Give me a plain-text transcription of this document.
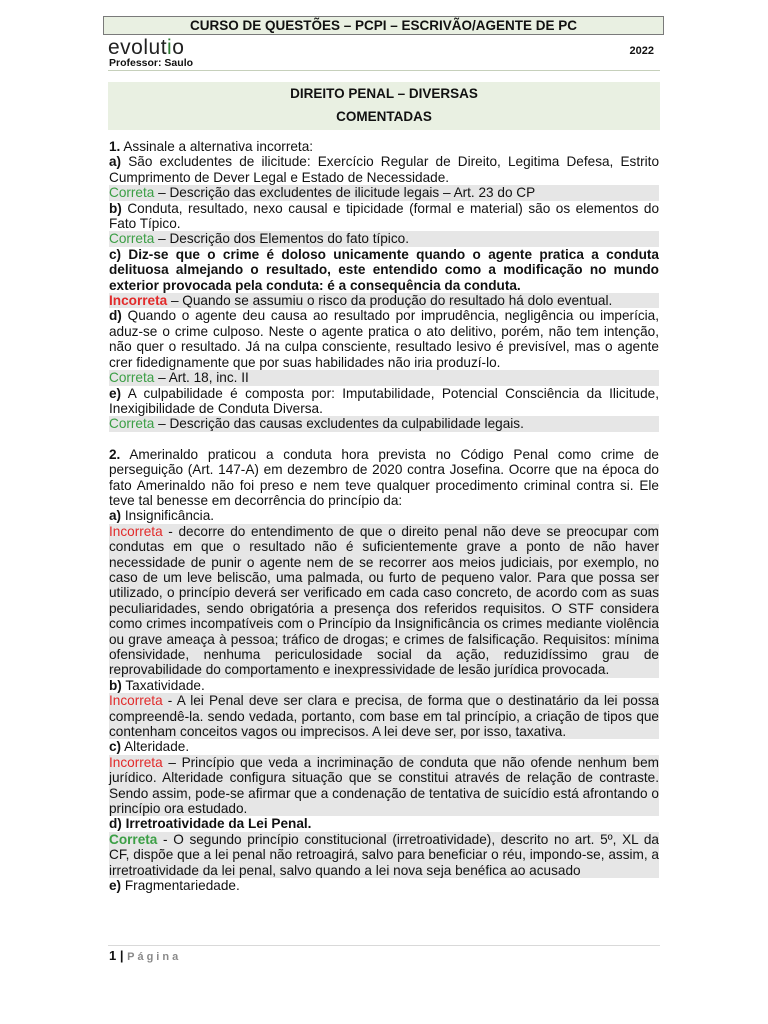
CURSO DE QUESTÕES – PCPI – ESCRIVÃO/AGENTE DE PC
evolutio	2022
Professor: Saulo
DIREITO PENAL – DIVERSAS
COMENTADAS

1. Assinale a alternativa incorreta:

a) São excludentes de ilicitude: Exercício Regular de Direito, Legitima Defesa, Estrito Cumprimento de Dever Legal e Estado de Necessidade.

Correta – Descrição das excludentes de ilicitude legais – Art. 23 do CP

b) Conduta, resultado, nexo causal e tipicidade (formal e material) são os elementos do Fato Típico.

Correta – Descrição dos Elementos do fato típico.

c) Diz-se que o crime é doloso unicamente quando o agente pratica a conduta delituosa almejando o resultado, este entendido como a modificação no mundo exterior provocada pela conduta: é a consequência da conduta.

Incorreta – Quando se assumiu o risco da produção do resultado há dolo eventual.

d) Quando o agente deu causa ao resultado por imprudência, negligência ou imperícia, aduz-se o crime culposo. Neste o agente pratica o ato delitivo, porém, não tem intenção, não quer o resultado. Já na culpa consciente, resultado lesivo é previsível, mas o agente crer fidedignamente que por suas habilidades não iria produzí-lo.

Correta – Art. 18, inc. II

e) A culpabilidade é composta por: Imputabilidade, Potencial Consciência da Ilicitude, Inexigibilidade de Conduta Diversa.

Correta – Descrição das causas excludentes da culpabilidade legais.

2. Amerinaldo praticou a conduta hora prevista no Código Penal como crime de perseguição (Art. 147-A) em dezembro de 2020 contra Josefina. Ocorre que na época do fato Amerinaldo não foi preso e nem teve qualquer procedimento criminal contra si. Ele teve tal benesse em decorrência do princípio da:

a) Insignificância.

Incorreta - decorre do entendimento de que o direito penal não deve se preocupar com condutas em que o resultado não é suficientemente grave a ponto de não haver necessidade de punir o agente nem de se recorrer aos meios judiciais, por exemplo, no caso de um leve beliscão, uma palmada, ou furto de pequeno valor. Para que possa ser utilizado, o princípio deverá ser verificado em cada caso concreto, de acordo com as suas peculiaridades, sendo obrigatória a presença dos referidos requisitos. O STF considera como crimes incompatíveis com o Princípio da Insignificância os crimes mediante violência ou grave ameaça à pessoa; tráfico de drogas; e crimes de falsificação. Requisitos: mínima ofensividade, nenhuma periculosidade social da ação, reduzidíssimo grau de reprovabilidade do comportamento e inexpressividade de lesão jurídica provocada.

b) Taxatividade.

Incorreta - A lei Penal deve ser clara e precisa, de forma que o destinatário da lei possa compreendê-la. sendo vedada, portanto, com base em tal princípio, a criação de tipos que contenham conceitos vagos ou imprecisos. A lei deve ser, por isso, taxativa.

c) Alteridade.

Incorreta – Princípio que veda a incriminação de conduta que não ofende nenhum bem jurídico. Alteridade configura situação que se constitui através de relação de contraste. Sendo assim, pode-se afirmar que a condenação de tentativa de suicídio está afrontando o princípio ora estudado.

d) Irretroatividade da Lei Penal.

Correta - O segundo princípio constitucional (irretroatividade), descrito no art. 5º, XL da CF, dispõe que a lei penal não retroagirá, salvo para beneficiar o réu, impondo-se, assim, a irretroatividade da lei penal, salvo quando a lei nova seja benéfica ao acusado

e) Fragmentariedade.

1 | Página
